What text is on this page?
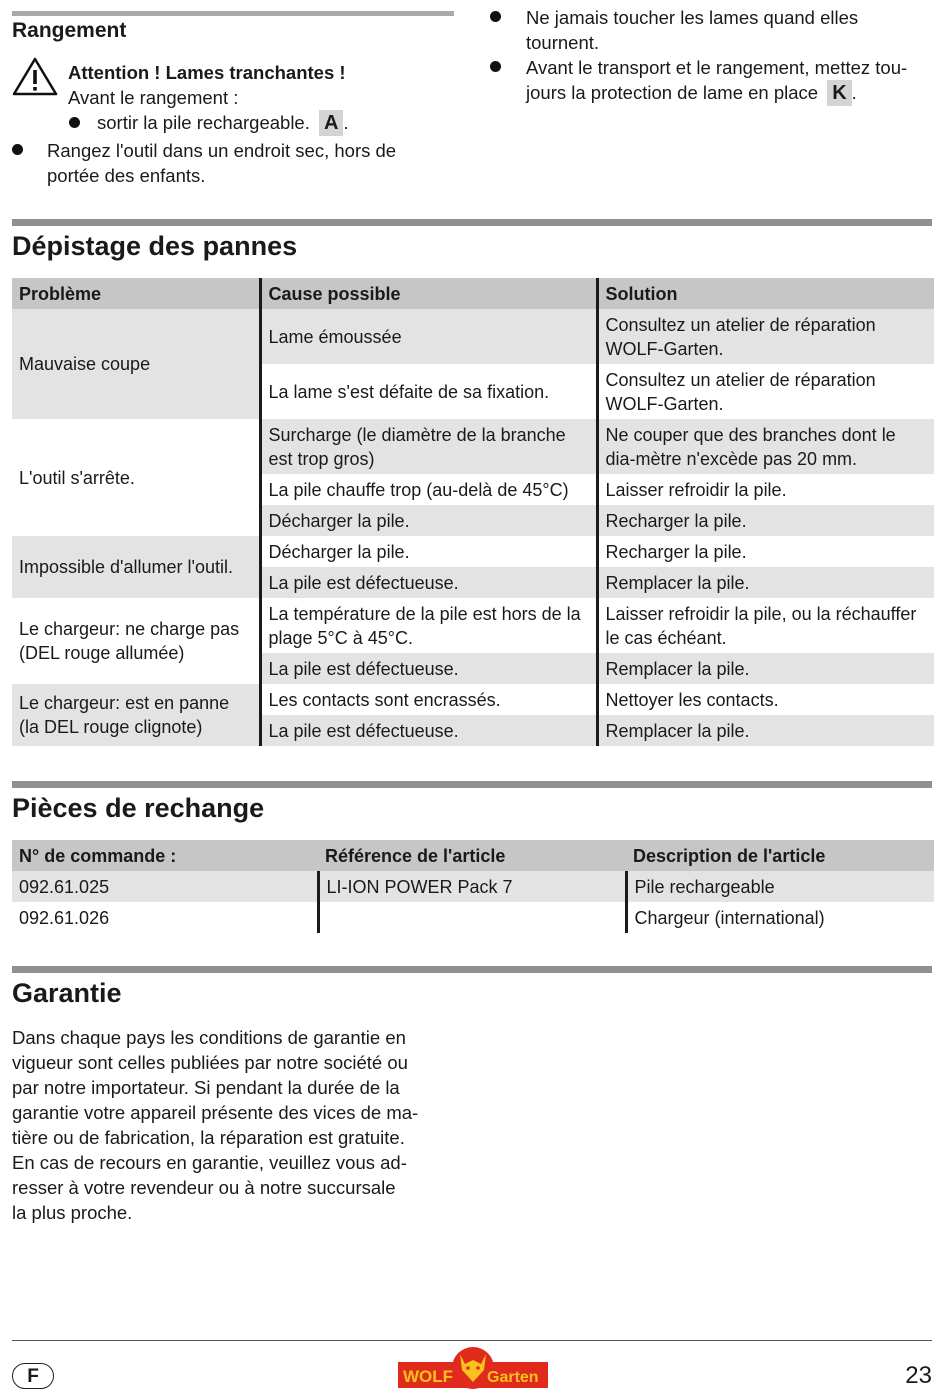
Rangement
Attention ! Lames tranchantes !
Avant le rangement :
sortir la pile rechargeable. A .
Rangez l'outil dans un endroit sec, hors de
portée des enfants.
Ne jamais toucher les lames quand elles
tournent.
Avant le transport et le rangement, mettez tou-
jours la protection de lame en place K .
Dépistage des pannes
Problème	Cause possible	Solution
Mauvaise coupe	Lame émoussée	Consultez un atelier de réparation WOLF-Garten.
	La lame s'est défaite de sa fixation.	Consultez un atelier de réparation WOLF-Garten.
L'outil s'arrête.	Surcharge (le diamètre de la branche est trop gros)	Ne couper que des branches dont le dia-mètre n'excède pas 20 mm.
	La pile chauffe trop (au-delà de 45°C)	Laisser refroidir la pile.
	Décharger la pile.	Recharger la pile.
Impossible d'allumer l'outil.	Décharger la pile.	Recharger la pile.
	La pile est défectueuse.	Remplacer la pile.
Le chargeur: ne charge pas (DEL rouge allumée)	La température de la pile est hors de la plage 5°C à 45°C.	Laisser refroidir la pile, ou la réchauffer le cas échéant.
	La pile est défectueuse.	Remplacer la pile.
Le chargeur: est en panne (la DEL rouge clignote)	Les contacts sont encrassés.	Nettoyer les contacts.
	La pile est défectueuse.	Remplacer la pile.
Pièces de rechange
N° de commande :	Référence de l'article	Description de l'article
092.61.025	LI-ION POWER Pack 7	Pile rechargeable
092.61.026		Chargeur (international)
Garantie
Dans chaque pays les conditions de garantie en
vigueur sont celles publiées par notre société ou
par notre importateur. Si pendant la durée de la
garantie votre appareil présente des vices de ma-
tière ou de fabrication, la réparation est gratuite.
En cas de recours en garantie, veuillez vous ad-
resser à votre revendeur ou à notre succursale
la plus proche.
F	WOLF Garten	23
